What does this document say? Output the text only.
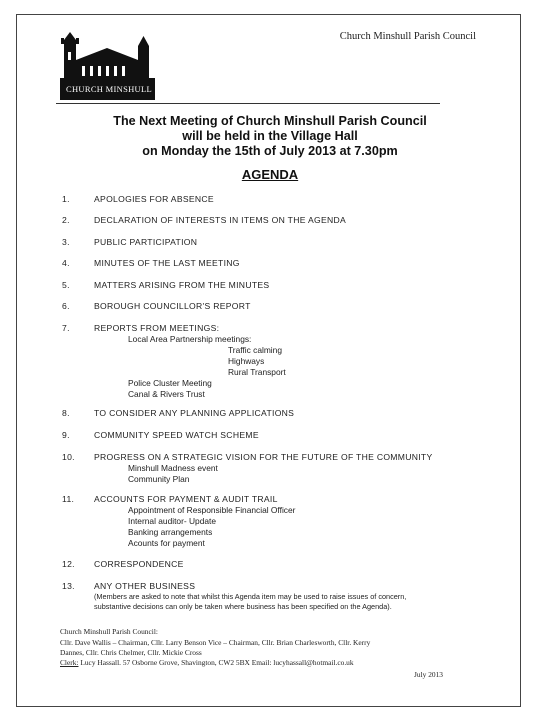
CHURCH MINSHULL
Church Minshull Parish Council
The Next Meeting of Church Minshull Parish Council
will be held in the Village Hall
on Monday the 15th of July 2013 at 7.30pm
AGENDA
1.	APOLOGIES FOR ABSENCE
2.	DECLARATION OF INTERESTS IN ITEMS ON THE AGENDA
3.	PUBLIC PARTICIPATION
4.	MINUTES OF THE LAST MEETING
5.	MATTERS ARISING FROM THE MINUTES
6.	BOROUGH COUNCILLOR'S REPORT
7.	REPORTS FROM MEETINGS:
Local Area Partnership meetings:
Traffic calming
Highways
Rural Transport
Police Cluster Meeting
Canal & Rivers Trust
8.	TO CONSIDER ANY PLANNING APPLICATIONS
9.	COMMUNITY SPEED WATCH SCHEME
10. PROGRESS ON A STRATEGIC VISION FOR THE FUTURE OF THE COMMUNITY
Minshull Madness event
Community Plan
11. ACCOUNTS FOR PAYMENT & AUDIT TRAIL
Appointment of Responsible Financial Officer
Internal auditor- Update
Banking arrangements
Acounts for payment
12. CORRESPONDENCE
13. ANY OTHER BUSINESS
(Members are asked to note that whilst this Agenda item may be used to raise issues of concern,
substantive decisions can only be taken where business has been specified on the Agenda).
Church Minshull Parish Council:
Cllr. Dave Wallis – Chairman, Cllr. Larry Benson Vice – Chairman, Cllr. Brian Charlesworth, Cllr. Kerry
Dannes, Cllr. Chris Chelmer, Cllr. Mickie Cross
Clerk: Lucy Hassall. 57 Osborne Grove, Shavington, CW2 5BX Email: lucyhassall@hotmail.co.uk
July 2013
